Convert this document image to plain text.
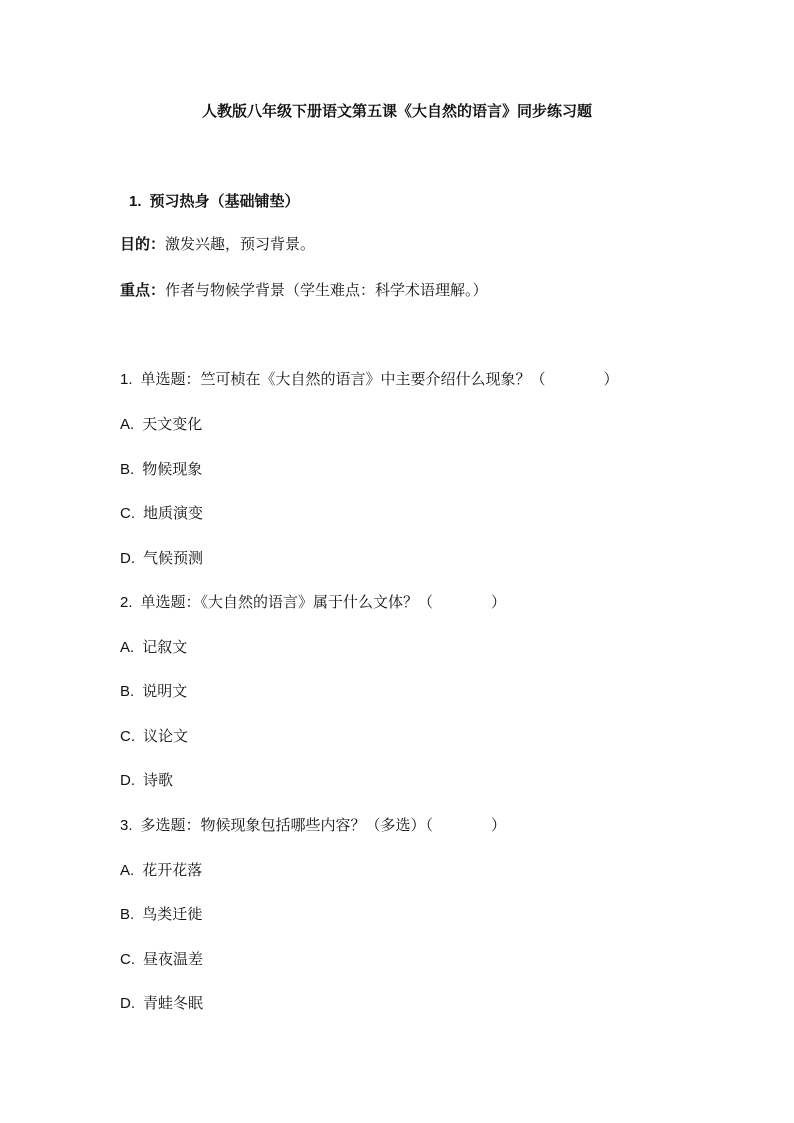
人教版八年级下册语文第五课《大自然的语言》同步练习题
1. 预习热身（基础铺垫）
目的：激发兴趣，预习背景。
重点：作者与物候学背景（学生难点：科学术语理解。）
1. 单选题：竺可桢在《大自然的语言》中主要介绍什么现象？（	）
A. 天文变化
B. 物候现象
C. 地质演变
D. 气候预测
2. 单选题：《大自然的语言》属于什么文体？（	）
A. 记叙文
B. 说明文
C. 议论文
D. 诗歌
3. 多选题：物候现象包括哪些内容？（多选）（	）
A. 花开花落
B. 鸟类迁徙
C. 昼夜温差
D. 青蛙冬眠
